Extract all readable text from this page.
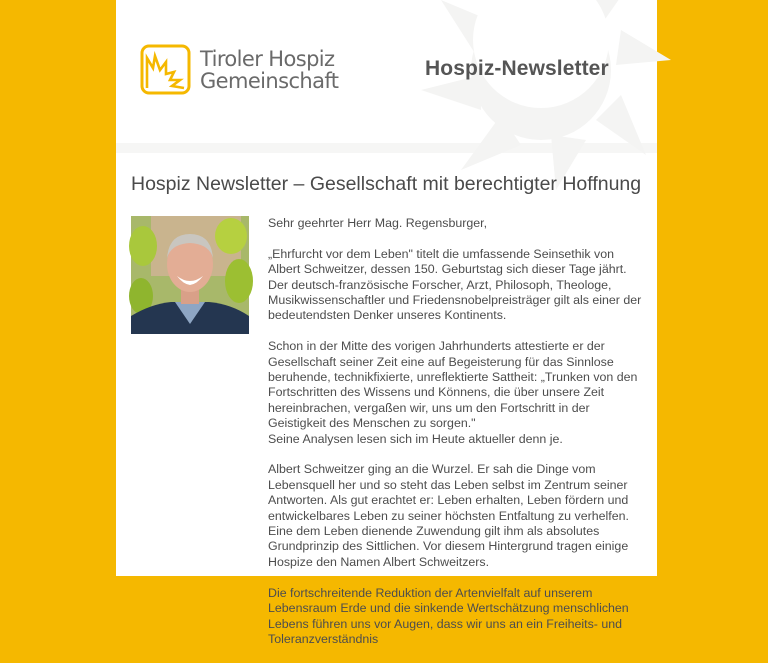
Tiroler Hospiz
Gemeinschaft	Hospiz-Newsletter
Hospiz Newsletter – Gesellschaft mit berechtigter Hoffnung

Sehr geehrter Herr Mag. Regensburger,

„Ehrfurcht vor dem Leben" titelt die umfassende Seinsethik von Albert Schweitzer, dessen 150. Geburtstag sich dieser Tage jährt. Der deutsch-französische Forscher, Arzt, Philosoph, Theologe, Musikwissenschaftler und Friedensnobelpreisträger gilt als einer der bedeutendsten Denker unseres Kontinents.

Schon in der Mitte des vorigen Jahrhunderts attestierte er der Gesellschaft seiner Zeit eine auf Begeisterung für das Sinnlose beruhende, technikfixierte, unreflektierte Sattheit: „Trunken von den Fortschritten des Wissens und Könnens, die über unsere Zeit hereinbrachen, vergaßen wir, uns um den Fortschritt in der Geistigkeit des Menschen zu sorgen."

Seine Analysen lesen sich im Heute aktueller denn je.

Albert Schweitzer ging an die Wurzel. Er sah die Dinge vom Lebensquell her und so steht das Leben selbst im Zentrum seiner Antworten. Als gut erachtet er: Leben erhalten, Leben fördern und entwickelbares Leben zu seiner höchsten Entfaltung zu verhelfen. Eine dem Leben dienende Zuwendung gilt ihm als absolutes Grundprinzip des Sittlichen. Vor diesem Hintergrund tragen einige Hospize den Namen Albert Schweitzers.

Die fortschreitende Reduktion der Artenvielfalt auf unserem Lebensraum Erde und die sinkende Wertschätzung menschlichen Lebens führen uns vor Augen, dass wir uns an ein Freiheits- und Toleranzverständnis
